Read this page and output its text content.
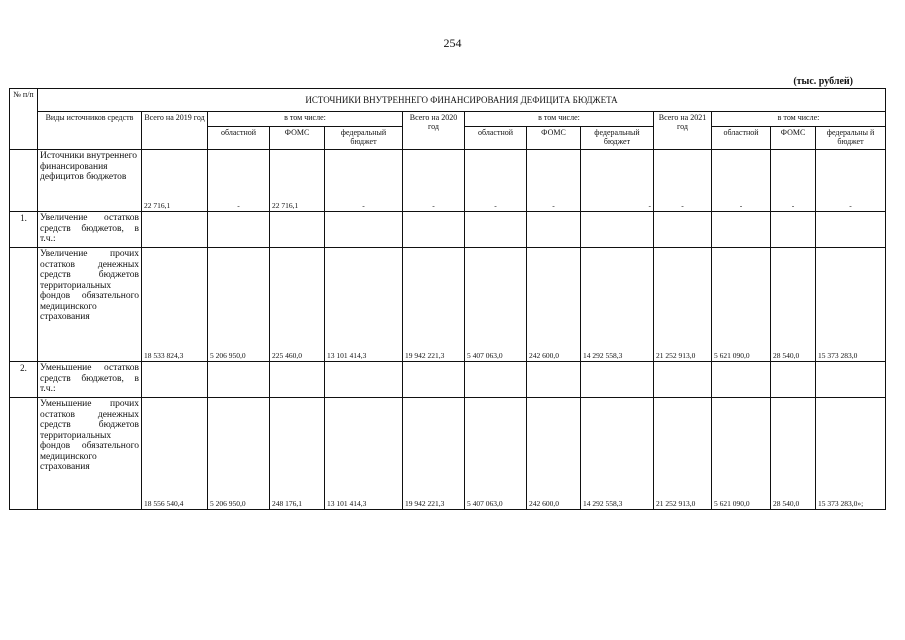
254
(тыс. рублей)
№ п/п	ИСТОЧНИКИ ВНУТРЕННЕГО ФИНАНСИРОВАНИЯ ДЕФИЦИТА БЮДЖЕТА												
	Виды источников средств	Всего на 2019 год	в том числе:			Всего на 2020 год	в том числе:			Всего на 2021 год	в том числе:		
			областной	ФОМС	федеральный бюджет		областной	ФОМС	федеральный бюджет		областной	ФОМС	федеральны й бюджет
	Источники внутреннего финансирования дефицитов бюджетов	22 716,1	-	22 716,1	-	-	-	-	-	-	-	-	-
1.	Увеличение остатков средств бюджетов, в т.ч.:												
	Увеличение прочих остатков денежных средств бюджетов территориальных фондов обязательного медицинского страхования	18 533 824,3	5 206 950,0	225 460,0	13 101 414,3	19 942 221,3	5 407 063,0	242 600,0	14 292 558,3	21 252 913,0	5 621 090,0	28 540,0	15 373 283,0
2.	Уменьшение остатков средств бюджетов, в т.ч.:												
	Уменьшение прочих остатков денежных средств бюджетов территориальных фондов обязательного медицинского страхования	18 556 540,4	5 206 950,0	248 176,1	13 101 414,3	19 942 221,3	5 407 063,0	242 600,0	14 292 558,3	21 252 913,0	5 621 090,0	28 540,0	15 373 283,0»;
